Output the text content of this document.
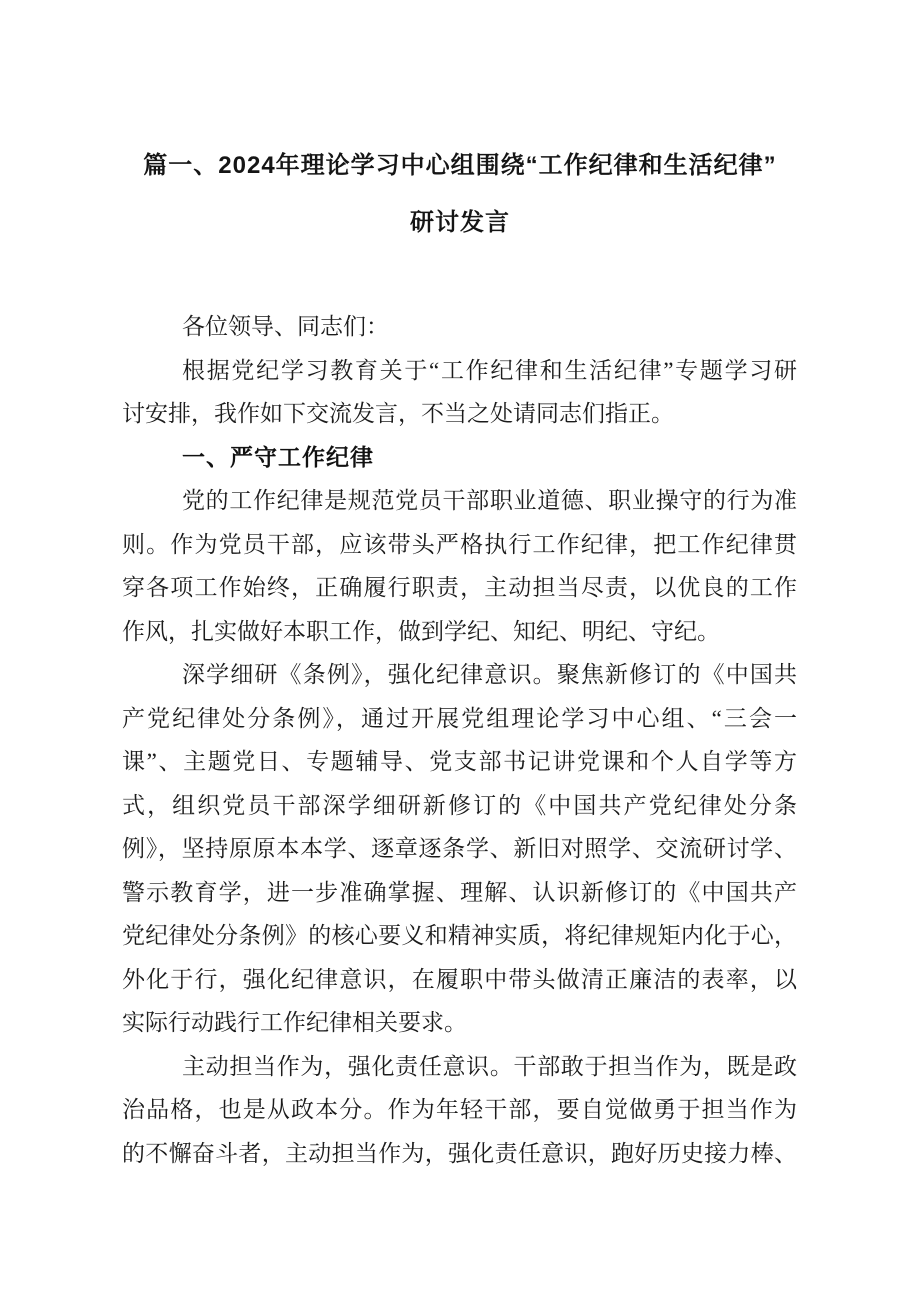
篇一、2024年理论学习中心组围绕“工作纪律和生活纪律”
研讨发言
各位领导、同志们：
根据党纪学习教育关于“工作纪律和生活纪律”专题学习研
讨安排，我作如下交流发言，不当之处请同志们指正。
一、严守工作纪律
党的工作纪律是规范党员干部职业道德、职业操守的行为准
则。作为党员干部，应该带头严格执行工作纪律，把工作纪律贯
穿各项工作始终，正确履行职责，主动担当尽责，以优良的工作
作风，扎实做好本职工作，做到学纪、知纪、明纪、守纪。
深学细研《条例》，强化纪律意识。聚焦新修订的《中国共
产党纪律处分条例》，通过开展党组理论学习中心组、“三会一
课”、主题党日、专题辅导、党支部书记讲党课和个人自学等方
式，组织党员干部深学细研新修订的《中国共产党纪律处分条
例》，坚持原原本本学、逐章逐条学、新旧对照学、交流研讨学、
警示教育学，进一步准确掌握、理解、认识新修订的《中国共产
党纪律处分条例》的核心要义和精神实质，将纪律规矩内化于心，
外化于行，强化纪律意识，在履职中带头做清正廉洁的表率，以
实际行动践行工作纪律相关要求。
主动担当作为，强化责任意识。干部敢于担当作为，既是政
治品格，也是从政本分。作为年轻干部，要自觉做勇于担当作为
的不懈奋斗者，主动担当作为，强化责任意识，跑好历史接力棒、
